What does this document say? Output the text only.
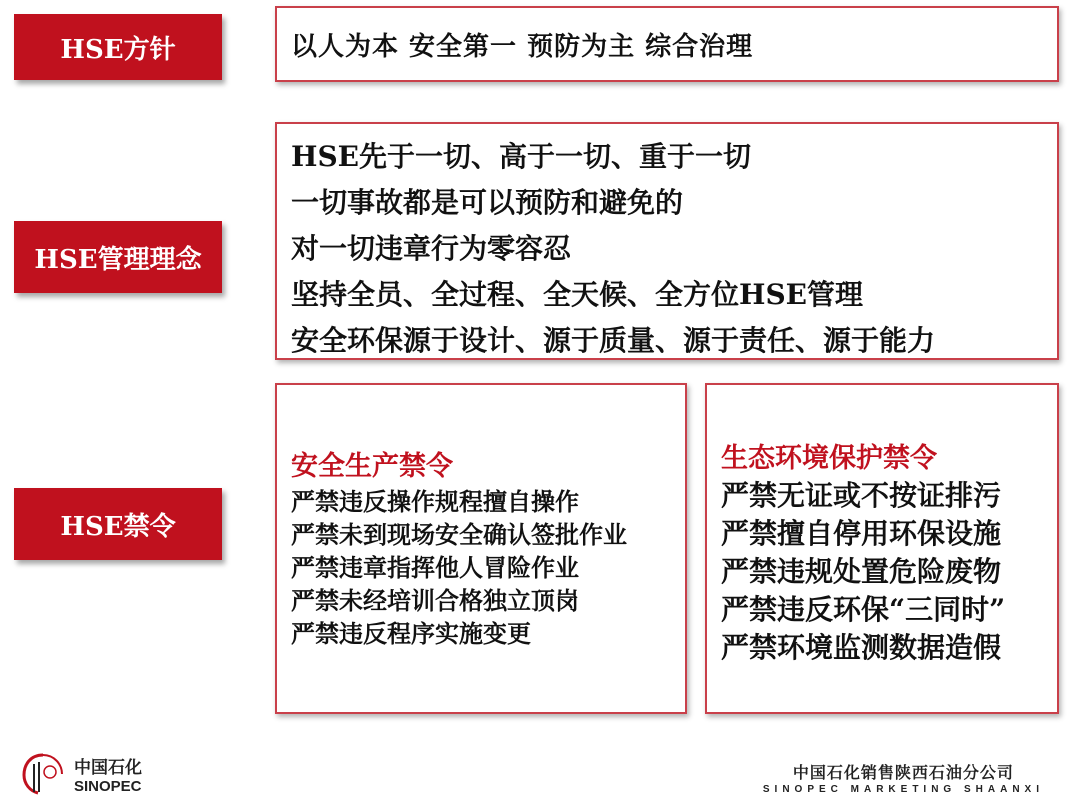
HSE方针	以人为本 安全第一 预防为主 综合治理
HSE管理理念
HSE先于一切、高于一切、重于一切
一切事故都是可以预防和避免的
对一切违章行为零容忍
坚持全员、全过程、全天候、全方位HSE管理
安全环保源于设计、源于质量、源于责任、源于能力
HSE禁令
安全生产禁令
严禁违反操作规程擅自操作
严禁未到现场安全确认签批作业
严禁违章指挥他人冒险作业
严禁未经培训合格独立顶岗
严禁违反程序实施变更
生态环境保护禁令
严禁无证或不按证排污
严禁擅自停用环保设施
严禁违规处置危险废物
严禁违反环保“三同时”
严禁环境监测数据造假
中国石化
SINOPEC
中国石化销售陕西石油分公司
SINOPEC MARKETING SHAANXI
